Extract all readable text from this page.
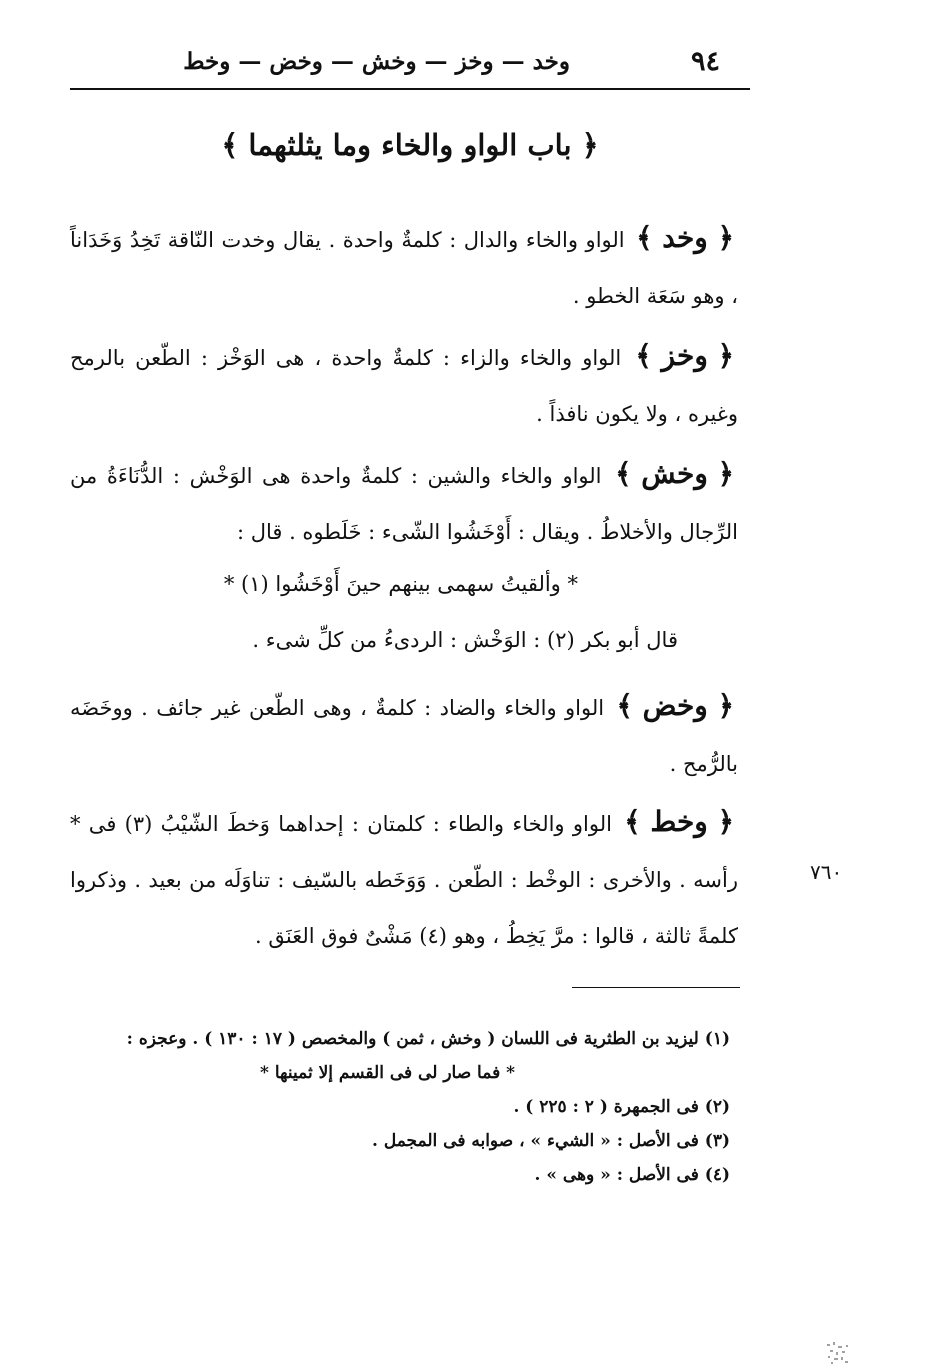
٩٤
وخد — وخز — وخش — وخض — وخط
﴿ باب الواو والخاء وما يثلثهما ﴾

﴿ وخد ﴾ الواو والخاء والدال : كلمةٌ واحدة . يقال وخدت النّاقة تَخِدُ وَخَدَاناً ، وهو سَعَة الخطو .

﴿ وخز ﴾ الواو والخاء والزاء : كلمةٌ واحدة ، هى الوَخْز : الطّعن بالرمح وغيره ، ولا يكون نافذاً .

﴿ وخش ﴾ الواو والخاء والشين : كلمةٌ واحدة هى الوَخْش : الدُّنَاءَةُ من الرِّجال والأخلاطُ . ويقال : أَوْخَشُوا الشّىء : خَلَطوه . قال :

* وألقيتُ سهمى بينهم حينَ أَوْخَشُوا (١) *
قال أبو بكر (٢) : الوَخْش : الردىءُ من كلِّ شىء .

﴿ وخض ﴾ الواو والخاء والضاد : كلمةٌ ، وهى الطّعن غير جائف . ووخَضَه بالرُّمح .

﴿ وخط ﴾ الواو والخاء والطاء : كلمتان : إحداهما وَخطَ الشّيْبُ (٣) فى * رأسه . والأخرى : الوخْط : الطّعن . وَوَخَطه بالسّيف : تناوَلَه من بعيد . وذكروا كلمةً ثالثة ، قالوا : مرَّ يَخِطُ ، وهو (٤) مَشْىٌ فوق العَنَق .

٧٦٠
(١) ليزيد بن الطثرية فى اللسان ( وخش ، ثمن ) والمخصص ( ١٧ : ١٣٠ ) . وعجزه :
* فما صار لى فى القسم إلا ثمينها *
(٢) فى الجمهرة ( ٢ : ٢٢٥ ) .
(٣) فى الأصل : « الشيء » ، صوابه فى المجمل .
(٤) فى الأصل : « وهى » .
